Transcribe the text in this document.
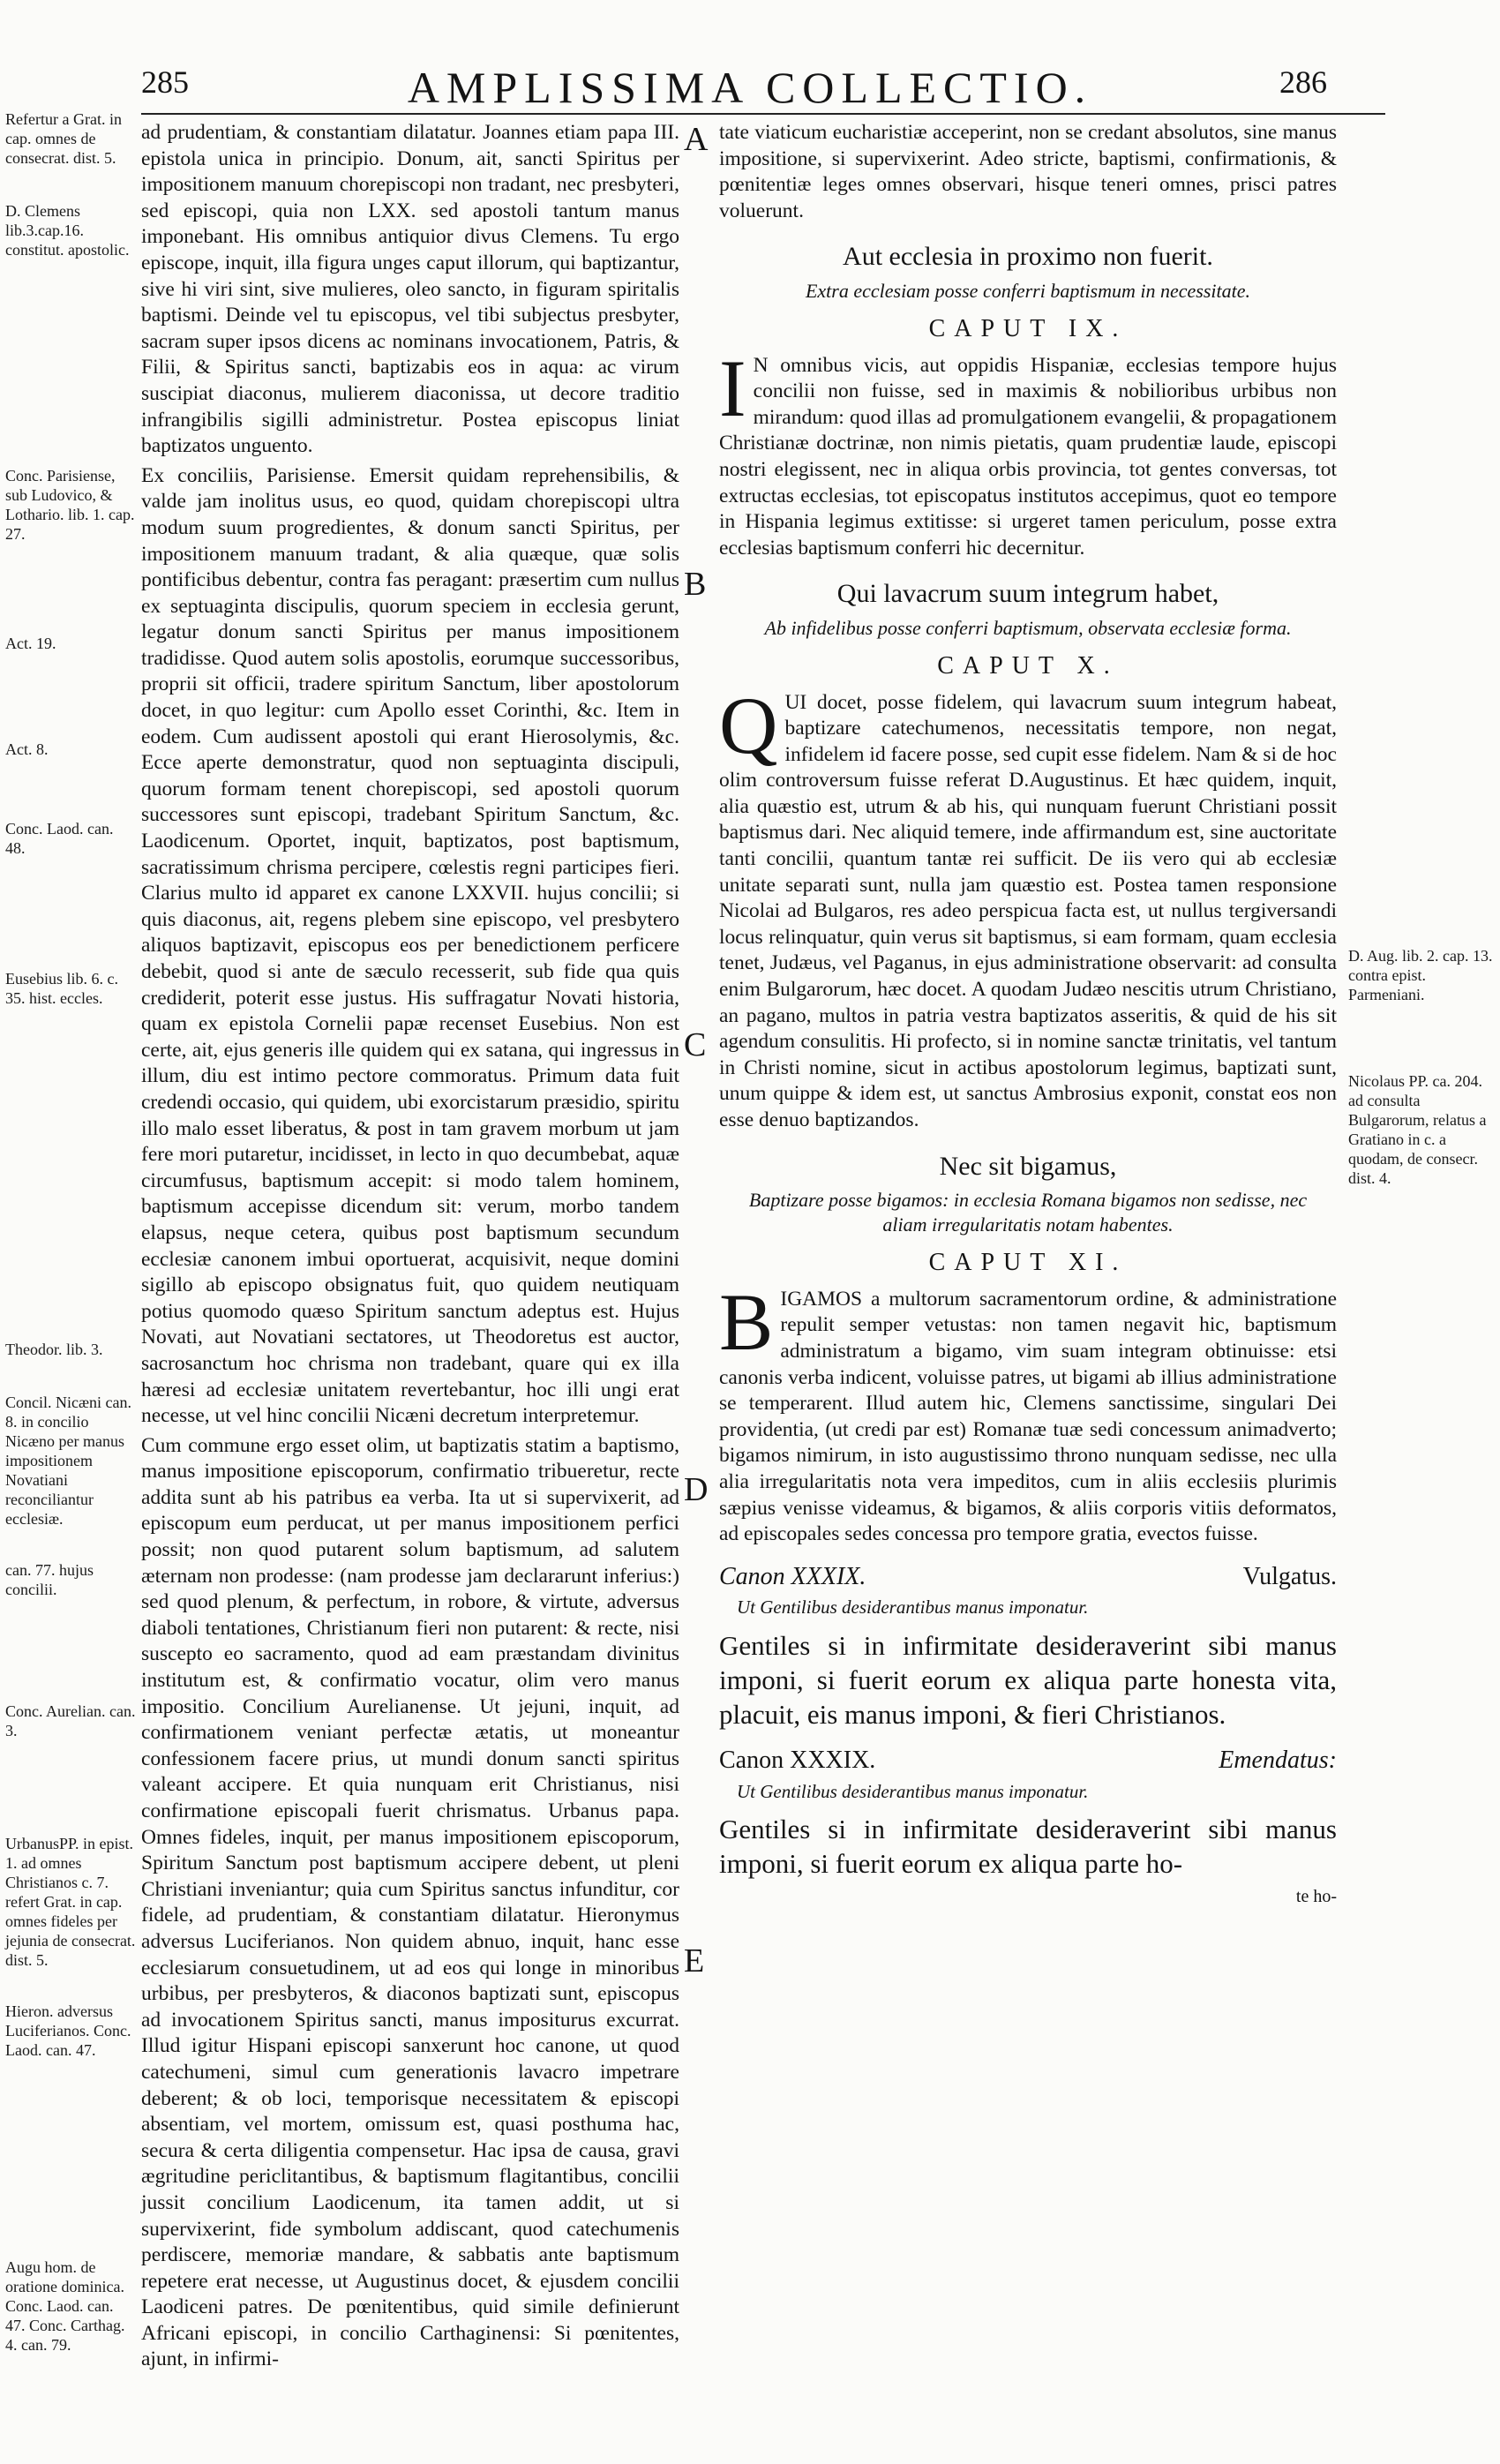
285	AMPLISSIMA COLLECTIO.	286
Refertur a Grat. in cap. omnes de consecrat. dist. 5.
D. Clemens lib.3.cap.16. constitut. apostolic.
Conc. Parisiense, sub Ludovico, & Lothario. lib. 1. cap. 27.
Act. 19.
Act. 8.
Conc. Laod. can. 48.
Eusebius lib. 6. c. 35. hist. eccles.
Theodor. lib. 3.
Concil. Nicæni can. 8. in concilio Nicæno per manus impositionem Novatiani reconciliantur ecclesiæ.
can. 77. hujus concilii.
Conc. Aurelian. can. 3.
UrbanusPP. in epist. 1. ad omnes Christianos c. 7. refert Grat. in cap. omnes fideles per jejunia de consecrat. dist. 5.
Hieron. adversus Luciferianos. Conc. Laod. can. 47.
Augu hom. de oratione dominica. Conc. Laod. can. 47. Conc. Carthag. 4. can. 79.
A
B
C
D
E

ad prudentiam, & constantiam dilatatur. Joannes etiam papa III. epistola unica in principio. Donum, ait, sancti Spiritus per impositionem manuum chorepiscopi non tradant, nec presbyteri, sed episcopi, quia non LXX. sed apostoli tantum manus imponebant. His omnibus antiquior divus Clemens. Tu ergo episcope, inquit, illa figura unges caput illorum, qui baptizantur, sive hi viri sint, sive mulieres, oleo sancto, in figuram spiritalis baptismi. Deinde vel tu episcopus, vel tibi subjectus presbyter, sacram super ipsos dicens ac nominans invocationem, Patris, & Filii, & Spiritus sancti, baptizabis eos in aqua: ac virum suscipiat diaconus, mulierem diaconissa, ut decore traditio infrangibilis sigilli administretur. Postea episcopus liniat baptizatos unguento.

Ex conciliis, Parisiense. Emersit quidam reprehensibilis, & valde jam inolitus usus, eo quod, quidam chorepiscopi ultra modum suum progredientes, & donum sancti Spiritus, per impositionem manuum tradant, & alia quæque, quæ solis pontificibus debentur, contra fas peragant: præsertim cum nullus ex septuaginta discipulis, quorum speciem in ecclesia gerunt, legatur donum sancti Spiritus per manus impositionem tradidisse. Quod autem solis apostolis, eorumque successoribus, proprii sit officii, tradere spiritum Sanctum, liber apostolorum docet, in quo legitur: cum Apollo esset Corinthi, &c. Item in eodem. Cum audissent apostoli qui erant Hierosolymis, &c. Ecce aperte demonstratur, quod non septuaginta discipuli, quorum formam tenent chorepiscopi, sed apostoli quorum successores sunt episcopi, tradebant Spiritum Sanctum, &c. Laodicenum. Oportet, inquit, baptizatos, post baptismum, sacratissimum chrisma percipere, cœlestis regni participes fieri. Clarius multo id apparet ex canone LXXVII. hujus concilii; si quis diaconus, ait, regens plebem sine episcopo, vel presbytero aliquos baptizavit, episcopus eos per benedictionem perficere debebit, quod si ante de sæculo recesserit, sub fide qua quis crediderit, poterit esse justus. His suffragatur Novati historia, quam ex epistola Cornelii papæ recenset Eusebius. Non est certe, ait, ejus generis ille quidem qui ex satana, qui ingressus in illum, diu est intimo pectore commoratus. Primum data fuit credendi occasio, qui quidem, ubi exorcistarum præsidio, spiritu illo malo esset liberatus, & post in tam gravem morbum ut jam fere mori putaretur, incidisset, in lecto in quo decumbebat, aquæ circumfusus, baptismum accepit: si modo talem hominem, baptismum accepisse dicendum sit: verum, morbo tandem elapsus, neque cetera, quibus post baptismum secundum ecclesiæ canonem imbui oportuerat, acquisivit, neque domini sigillo ab episcopo obsignatus fuit, quo quidem neutiquam potius quomodo quæso Spiritum sanctum adeptus est. Hujus Novati, aut Novatiani sectatores, ut Theodoretus est auctor, sacrosanctum hoc chrisma non tradebant, quare qui ex illa hæresi ad ecclesiæ unitatem revertebantur, hoc illi ungi erat necesse, ut vel hinc concilii Nicæni decretum interpretemur.

Cum commune ergo esset olim, ut baptizatis statim a baptismo, manus impositione episcoporum, confirmatio tribueretur, recte addita sunt ab his patribus ea verba. Ita ut si supervixerit, ad episcopum eum perducat, ut per manus impositionem perfici possit; non quod putarent solum baptismum, ad salutem æternam non prodesse: (nam prodesse jam declararunt inferius:) sed quod plenum, & perfectum, in robore, & virtute, adversus diaboli tentationes, Christianum fieri non putarent: & recte, nisi suscepto eo sacramento, quod ad eam præstandam divinitus institutum est, & confirmatio vocatur, olim vero manus impositio. Concilium Aurelianense. Ut jejuni, inquit, ad confirmationem veniant perfectæ ætatis, ut moneantur confessionem facere prius, ut mundi donum sancti spiritus valeant accipere. Et quia nunquam erit Christianus, nisi confirmatione episcopali fuerit chrismatus. Urbanus papa. Omnes fideles, inquit, per manus impositionem episcoporum, Spiritum Sanctum post baptismum accipere debent, ut pleni Christiani inveniantur; quia cum Spiritus sanctus infunditur, cor fidele, ad prudentiam, & constantiam dilatatur. Hieronymus adversus Luciferianos. Non quidem abnuo, inquit, hanc esse ecclesiarum consuetudinem, ut ad eos qui longe in minoribus urbibus, per presbyteros, & diaconos baptizati sunt, episcopus ad invocationem Spiritus sancti, manus impositurus excurrat. Illud igitur Hispani episcopi sanxerunt hoc canone, ut quod catechumeni, simul cum generationis lavacro impetrare deberent; & ob loci, temporisque necessitatem & episcopi absentiam, vel mortem, omissum est, quasi posthuma hac, secura & certa diligentia compensetur. Hac ipsa de causa, gravi ægritudine periclitantibus, & baptismum flagitantibus, concilii jussit concilium Laodicenum, ita tamen addit, ut si supervixerint, fide symbolum addiscant, quod catechumenis perdiscere, memoriæ mandare, & sabbatis ante baptismum repetere erat necesse, ut Augustinus docet, & ejusdem concilii Laodiceni patres. De pœnitentibus, quid simile definierunt Africani episcopi, in concilio Carthaginensi: Si pœnitentes, ajunt, in infirmi-

tate viaticum eucharistiæ acceperint, non se credant absolutos, sine manus impositione, si supervixerint. Adeo stricte, baptismi, confirmationis, & pœnitentiæ leges omnes observari, hisque teneri omnes, prisci patres voluerunt.

Aut ecclesia in proximo non fuerit.
Extra ecclesiam posse conferri baptismum in necessitate.
CAPUT IX.

I N omnibus vicis, aut oppidis Hispaniæ, ecclesias tempore hujus concilii non fuisse, sed in maximis & nobilioribus urbibus non mirandum: quod illas ad promulgationem evangelii, & propagationem Christianæ doctrinæ, non nimis pietatis, quam prudentiæ laude, episcopi nostri elegissent, nec in aliqua orbis provincia, tot gentes conversas, tot extructas ecclesias, tot episcopatus institutos accepimus, quot eo tempore in Hispania legimus extitisse: si urgeret tamen periculum, posse extra ecclesias baptismum conferri hic decernitur.

Qui lavacrum suum integrum habet,
Ab infidelibus posse conferri baptismum, observata ecclesiæ forma.
CAPUT X.

QUI docet, posse fidelem, qui lavacrum suum integrum habeat, baptizare catechumenos, necessitatis tempore, non negat, infidelem id facere posse, sed cupit esse fidelem. Nam & si de hoc olim controversum fuisse referat D.Augustinus. Et hæc quidem, inquit, alia quæstio est, utrum & ab his, qui nunquam fuerunt Christiani possit baptismus dari. Nec aliquid temere, inde affirmandum est, sine auctoritate tanti concilii, quantum tantæ rei sufficit. De iis vero qui ab ecclesiæ unitate separati sunt, nulla jam quæstio est. Postea tamen responsione Nicolai ad Bulgaros, res adeo perspicua facta est, ut nullus tergiversandi locus relinquatur, quin verus sit baptismus, si eam formam, quam ecclesia tenet, Judæus, vel Paganus, in ejus administratione observarit: ad consulta enim Bulgarorum, hæc docet. A quodam Judæo nescitis utrum Christiano, an pagano, multos in patria vestra baptizatos asseritis, & quid de his sit agendum consulitis. Hi profecto, si in nomine sanctæ trinitatis, vel tantum in Christi nomine, sicut in actibus apostolorum legimus, baptizati sunt, unum quippe & idem est, ut sanctus Ambrosius exponit, constat eos non esse denuo baptizandos.

Nec sit bigamus,
Baptizare posse bigamos: in ecclesia Romana bigamos non sedisse, nec aliam irregularitatis notam habentes.
CAPUT XI.

BIGAMOS a multorum sacramentorum ordine, & administratione repulit semper vetustas: non tamen negavit hic, baptismum administratum a bigamo, vim suam integram obtinuisse: etsi canonis verba indicent, voluisse patres, ut bigami ab illius administratione se temperarent. Illud autem hic, Clemens sanctissime, singulari Dei providentia, (ut credi par est) Romanæ tuæ sedi concessum animadverto; bigamos nimirum, in isto augustissimo throno nunquam sedisse, nec ulla alia irregularitatis nota vera impeditos, cum in aliis ecclesiis plurimis sæpius venisse videamus, & bigamos, & aliis corporis vitiis deformatos, ad episcopales sedes concessa pro tempore gratia, evectos fuisse.

Canon XXXIX.	Vulgatus.
Ut Gentilibus desiderantibus manus imponatur.

Gentiles si in infirmitate desideraverint sibi manus imponi, si fuerit eorum ex aliqua parte honesta vita, placuit, eis manus imponi, & fieri Christianos.

Canon XXXIX.	Emendatus:
Ut Gentilibus desiderantibus manus imponatur.

Gentiles si in infirmitate desideraverint sibi manus imponi, si fuerit eorum ex aliqua parte ho-

te ho-
D. Aug. lib. 2. cap. 13. contra epist. Parmeniani.
Nicolaus PP. ca. 204. ad consulta Bulgarorum, relatus a Gratiano in c. a quodam, de consecr. dist. 4.
